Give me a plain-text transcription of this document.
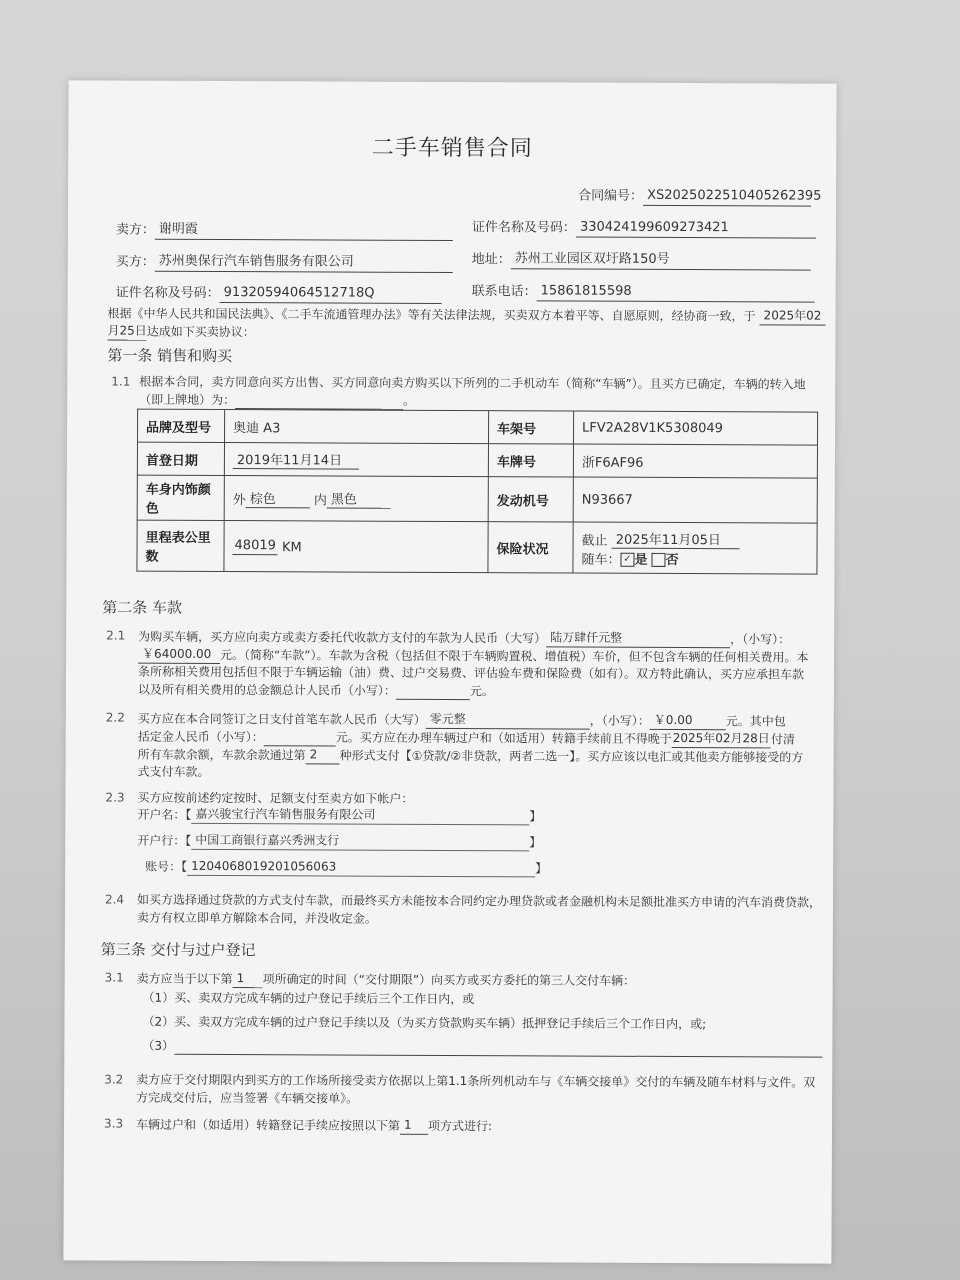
二手车销售合同
合同编号： XS2025022510405262395
卖方： 谢明霞	证件名称及号码： 330424199609273421
买方： 苏州奥保行汽车销售服务有限公司	地址： 苏州工业园区双圩路150号
证件名称及号码： 91320594064512718Q	联系电话： 15861815598
根据《中华人民共和国民法典》、《二手车流通管理办法》等有关法律法规，买卖双方本着平等、自愿原则，经协商一致，于 2025年02
月25日达成如下买卖协议：
第一条 销售和购买
1.1 根据本合同，卖方同意向买方出售、买方同意向卖方购买以下所列的二手机动车（简称“车辆”）。且买方已确定，车辆的转入地
（即上牌地）为：	。
品牌及型号	奥迪 A3	车架号	LFV2A28V1K5308049
首登日期	2019年11月14日	车牌号	浙F6AF96
车身内饰颜色	外 棕色 内 黑色	发动机号	N93667
里程表公里数	48019 KM	保险状况	截止 2025年11月05日
随车： ✓ 是 否
第二条 车款
2.1 为购买车辆，买方应向卖方或卖方委托代收款方支付的车款为人民币（大写） 陆万肆仟元整	，（小写）：
￥64000.00 元。（简称“车款”）。车款为含税（包括但不限于车辆购置税、增值税）车价，但不包含车辆的任何相关费用。本
条所称相关费用包括但不限于车辆运输（油）费、过户交易费、评估验车费和保险费（如有）。双方特此确认，买方应承担车款
以及所有相关费用的总金额总计人民币（小写）：	元。
2.2 买方应在本合同签订之日支付首笔车款人民币（大写） 零元整	，（小写）： ￥0.00	元。其中包
括定金人民币（小写）：	元。买方应在办理车辆过户和（如适用）转籍手续前且不得晚于2025年02月28日付清
所有车款余额，车款余款通过第 2 种形式支付【①贷款/②非贷款，两者二选一】。买方应该以电汇或其他卖方能够接受的方
式支付车款。
2.3 买方应按前述约定按时、足额支付至卖方如下帐户：
开户名：【 嘉兴骏宝行汽车销售服务有限公司	】
开户行：【 中国工商银行嘉兴秀洲支行	】
账号：【 1204068019201056063	】
2.4 如买方选择通过贷款的方式支付车款，而最终买方未能按本合同约定办理贷款或者金融机构未足额批准买方申请的汽车消费贷款，
卖方有权立即单方解除本合同，并没收定金。
第三条 交付与过户登记
3.1 卖方应当于以下第 1 项所确定的时间（“交付期限”）向买方或买方委托的第三人交付车辆：
（1）买、卖双方完成车辆的过户登记手续后三个工作日内，或
（2）买、卖双方完成车辆的过户登记手续以及（为买方贷款购买车辆）抵押登记手续后三个工作日内，或;
（3）
3.2 卖方应于交付期限内到买方的工作场所接受卖方依据以上第1.1条所列机动车与《车辆交接单》交付的车辆及随车材料与文件。双
方完成交付后，应当签署《车辆交接单》。
3.3 车辆过户和（如适用）转籍登记手续应按照以下第 1 项方式进行:
